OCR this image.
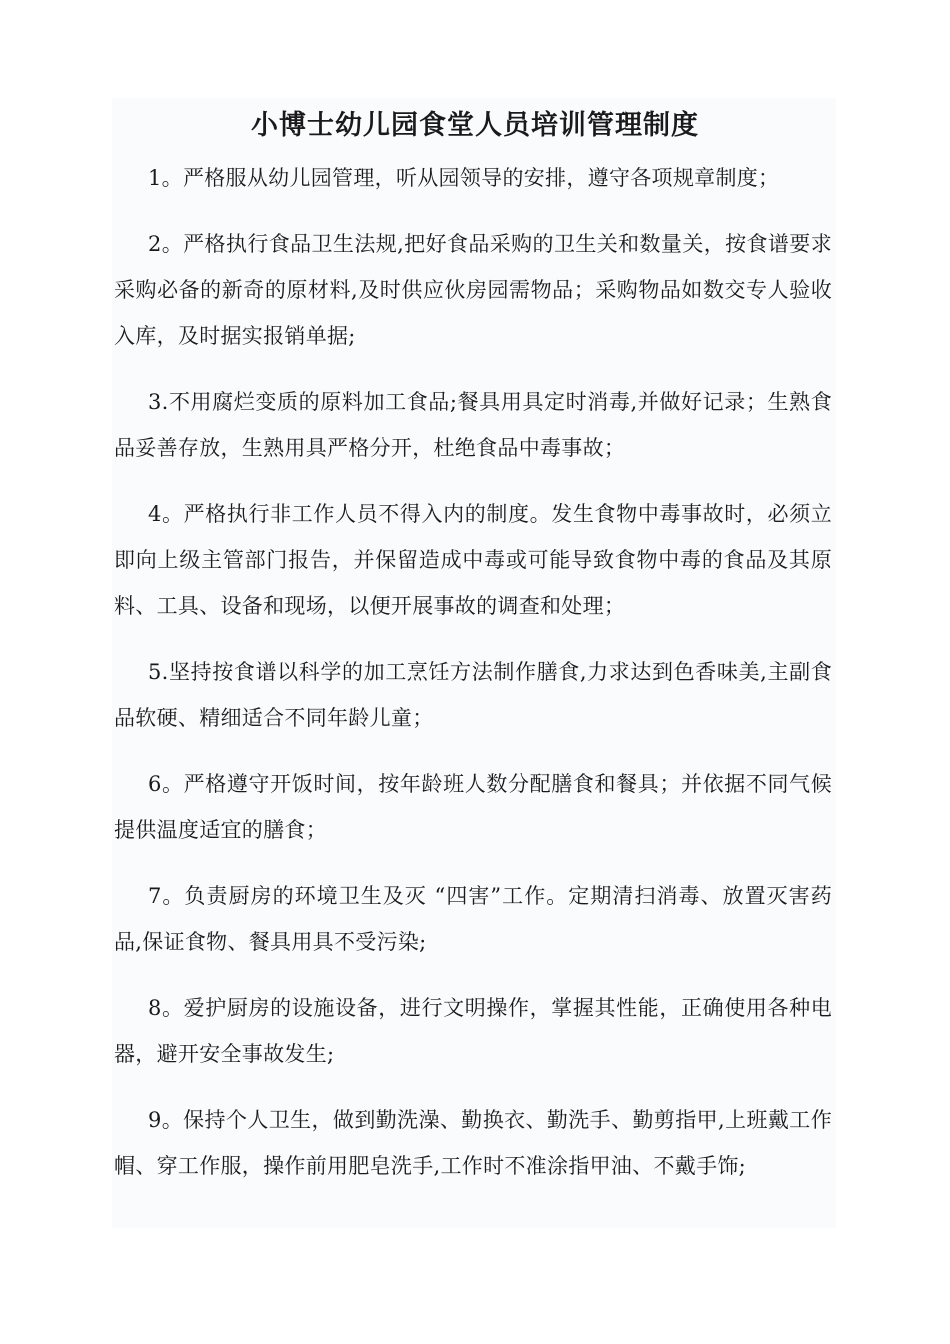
小博士幼儿园食堂人员培训管理制度

1。严格服从幼儿园管理，听从园领导的安排，遵守各项规章制度；

2。严格执行食品卫生法规,把好食品采购的卫生关和数量关，按食谱要求采购必备的新奇的原材料,及时供应伙房园需物品；采购物品如数交专人验收入库，及时据实报销单据;

3.不用腐烂变质的原料加工食品;餐具用具定时消毒,并做好记录；生熟食品妥善存放，生熟用具严格分开，杜绝食品中毒事故；

4。严格执行非工作人员不得入内的制度。发生食物中毒事故时，必须立即向上级主管部门报告，并保留造成中毒或可能导致食物中毒的食品及其原料、工具、设备和现场，以便开展事故的调查和处理；

5.坚持按食谱以科学的加工烹饪方法制作膳食,力求达到色香味美,主副食品软硬、精细适合不同年龄儿童；

6。严格遵守开饭时间，按年龄班人数分配膳食和餐具；并依据不同气候提供温度适宜的膳食；

7。负责厨房的环境卫生及灭 “四害”工作。定期清扫消毒、放置灭害药品,保证食物、餐具用具不受污染;

8。爱护厨房的设施设备，进行文明操作，掌握其性能，正确使用各种电器，避开安全事故发生;

9。保持个人卫生，做到勤洗澡、勤换衣、勤洗手、勤剪指甲,上班戴工作帽、穿工作服，操作前用肥皂洗手,工作时不准涂指甲油、不戴手饰;
